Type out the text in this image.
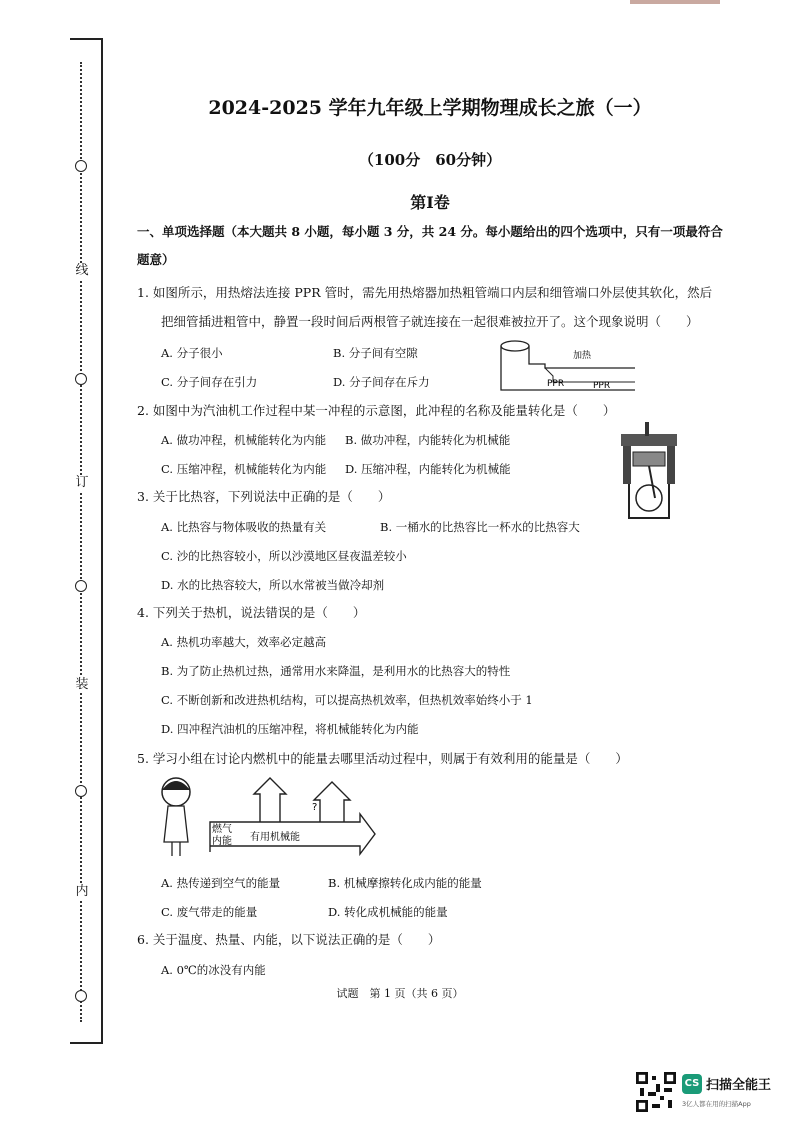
线
订
装
内
2024-2025 学年九年级上学期物理成长之旅（一）
（100分　60分钟）
第Ⅰ卷
一、单项选择题（本大题共 8 小题，每小题 3 分，共 24 分。每小题给出的四个选项中，只有一项最符合
题意）
1. 如图所示，用热熔法连接 PPR 管时，需先用热熔器加热粗管端口内层和细管端口外层使其软化，然后
把细管插进粗管中，静置一段时间后两根管子就连接在一起很难被拉开了。这个现象说明（　　）
A. 分子很小	B. 分子间有空隙
C. 分子间存在引力	D. 分子间存在斥力
加热
PPR	PPR
2. 如图中为汽油机工作过程中某一冲程的示意图，此冲程的名称及能量转化是（　　）
A. 做功冲程，机械能转化为内能 B. 做功冲程，内能转化为机械能
C. 压缩冲程，机械能转化为内能 D. 压缩冲程，内能转化为机械能
3. 关于比热容，下列说法中正确的是（　　）
A. 比热容与物体吸收的热量有关	B. 一桶水的比热容比一杯水的比热容大
C. 沙的比热容较小，所以沙漠地区昼夜温差较小
D. 水的比热容较大，所以水常被当做冷却剂
4. 下列关于热机，说法错误的是（　　）
A. 热机功率越大，效率必定越高
B. 为了防止热机过热，通常用水来降温，是利用水的比热容大的特性
C. 不断创新和改进热机结构，可以提高热机效率，但热机效率始终小于 1
D. 四冲程汽油机的压缩冲程，将机械能转化为内能
5. 学习小组在讨论内燃机中的能量去哪里活动过程中，则属于有效利用的能量是（　　）
燃气
内能 有用机械能
?
A. 热传递到空气的能量	B. 机械摩擦转化成内能的能量
C. 废气带走的能量	D. 转化成机械能的能量
6. 关于温度、热量、内能，以下说法正确的是（　　）
A. 0℃的冰没有内能
试题　第 1 页（共 6 页）
CS 扫描全能王
3亿人都在用的扫描App
